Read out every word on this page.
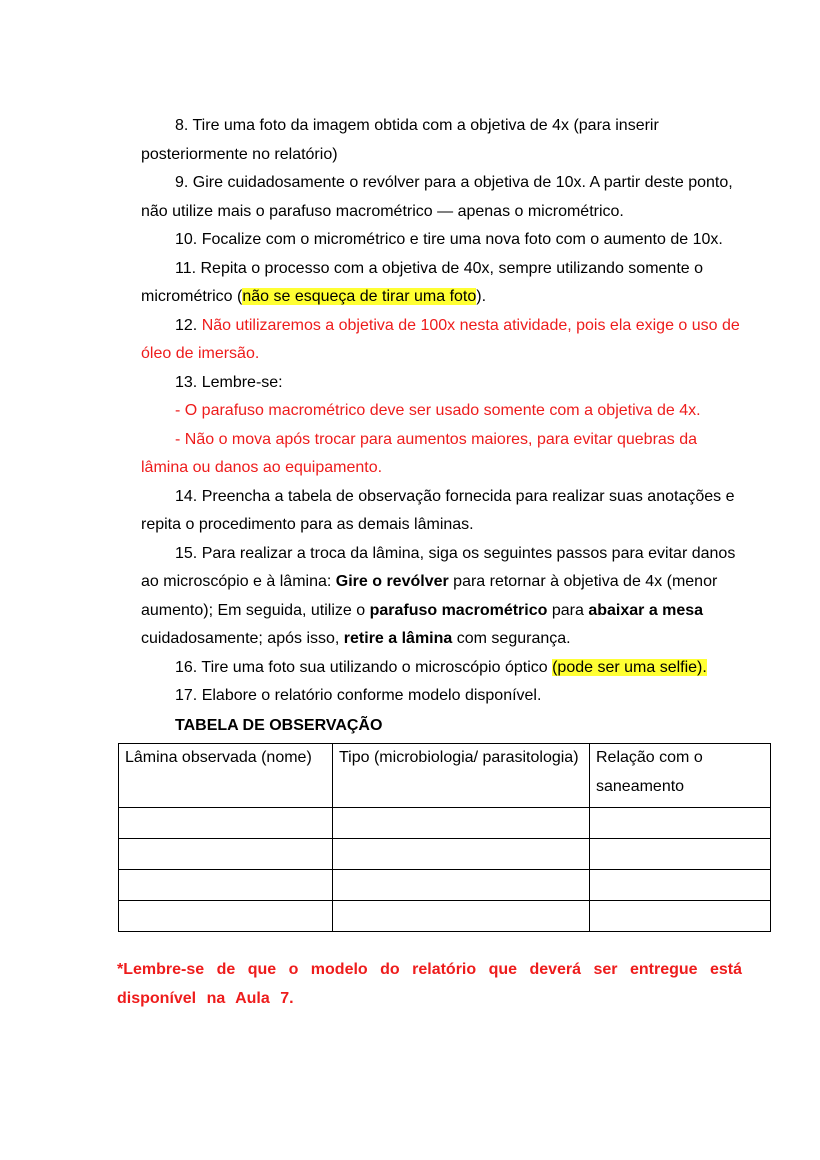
8. Tire uma foto da imagem obtida com a objetiva de 4x (para inserir posteriormente no relatório)

9. Gire cuidadosamente o revólver para a objetiva de 10x. A partir deste ponto, não utilize mais o parafuso macrométrico — apenas o micrométrico.

10. Focalize com o micrométrico e tire uma nova foto com o aumento de 10x.

11. Repita o processo com a objetiva de 40x, sempre utilizando somente o micrométrico (não se esqueça de tirar uma foto).

12. Não utilizaremos a objetiva de 100x nesta atividade, pois ela exige o uso de óleo de imersão.

13. Lembre-se:

- O parafuso macrométrico deve ser usado somente com a objetiva de 4x.

- Não o mova após trocar para aumentos maiores, para evitar quebras da lâmina ou danos ao equipamento.

14. Preencha a tabela de observação fornecida para realizar suas anotações e repita o procedimento para as demais lâminas.

15. Para realizar a troca da lâmina, siga os seguintes passos para evitar danos ao microscópio e à lâmina: Gire o revólver para retornar à objetiva de 4x (menor aumento); Em seguida, utilize o parafuso macrométrico para abaixar a mesa cuidadosamente; após isso, retire a lâmina com segurança.

16. Tire uma foto sua utilizando o microscópio óptico (pode ser uma selfie).

17. Elabore o relatório conforme modelo disponível.

TABELA DE OBSERVAÇÃO

Lâmina observada (nome)	Tipo (microbiologia/ parasitologia)	Relação com o saneamento

*Lembre-se de que o modelo do relatório que deverá ser entregue está disponível na Aula 7.
